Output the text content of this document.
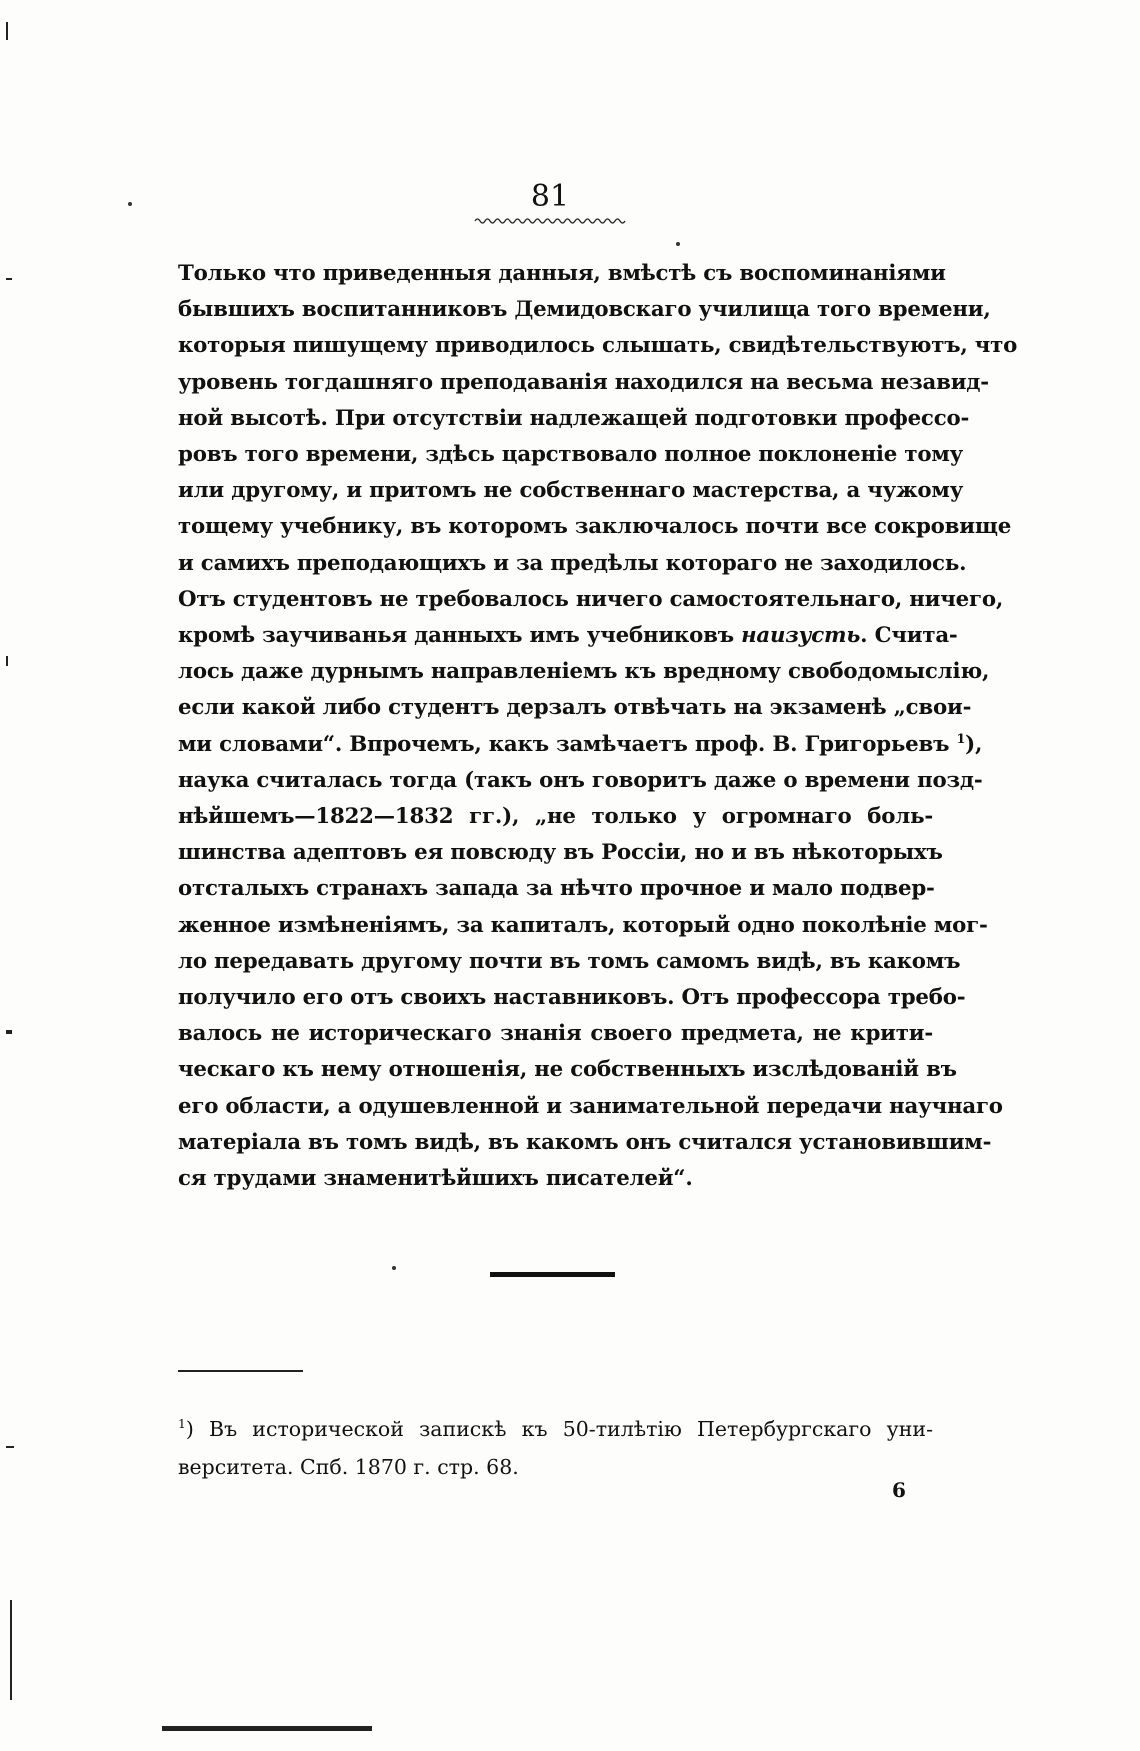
81
Только что приведенныя данныя, вмѣстѣ съ воспоминаніями
бывшихъ воспитанниковъ Демидовскаго училища того времени,
которыя пишущему приводилось слышать, свидѣтельствуютъ, что
уровень тогдашняго преподаванія находился на весьма незавид-
ной высотѣ. При отсутствіи надлежащей подготовки профессо-
ровъ того времени, здѣсь царствовало полное поклоненіе тому
или другому, и притомъ не собственнаго мастерства, а чужому
тощему учебнику, въ которомъ заключалось почти все сокровище
и самихъ преподающихъ и за предѣлы котораго не заходилось.
Отъ студентовъ не требовалось ничего самостоятельнаго, ничего,
кромѣ заучиванья данныхъ имъ учебниковъ наизусть. Счита-
лось даже дурнымъ направленіемъ къ вредному свободомыслію,
если какой либо студентъ дерзалъ отвѣчать на экзаменѣ „свои-
ми словами“. Впрочемъ, какъ замѣчаетъ проф. В. Григорьевъ $^1$),
наука считалась тогда (такъ онъ говоритъ даже о времени позд-
нѣйшемъ—1822—1832 гг.), „не только у огромнаго боль-
шинства адептовъ ея повсюду въ Россіи, но и въ нѣкоторыхъ
отсталыхъ странахъ запада за нѣчто прочное и мало подвер-
женное измѣненіямъ, за капиталъ, который одно поколѣніе мог-
ло передавать другому почти въ томъ самомъ видѣ, въ какомъ
получило его отъ своихъ наставниковъ. Отъ профессора требо-
валось не историческаго знанія своего предмета, не крити-
ческаго къ нему отношенія, не собственныхъ изслѣдованій въ
его области, а одушевленной и занимательной передачи научнаго
матеріала въ томъ видѣ, въ какомъ онъ считался установившим-
ся трудами знаменитѣйшихъ писателей“.
$^1$) Въ исторической запискѣ къ 50-тилѣтію Петербургскаго уни-
верситета. Спб. 1870 г. стр. 68.
6
